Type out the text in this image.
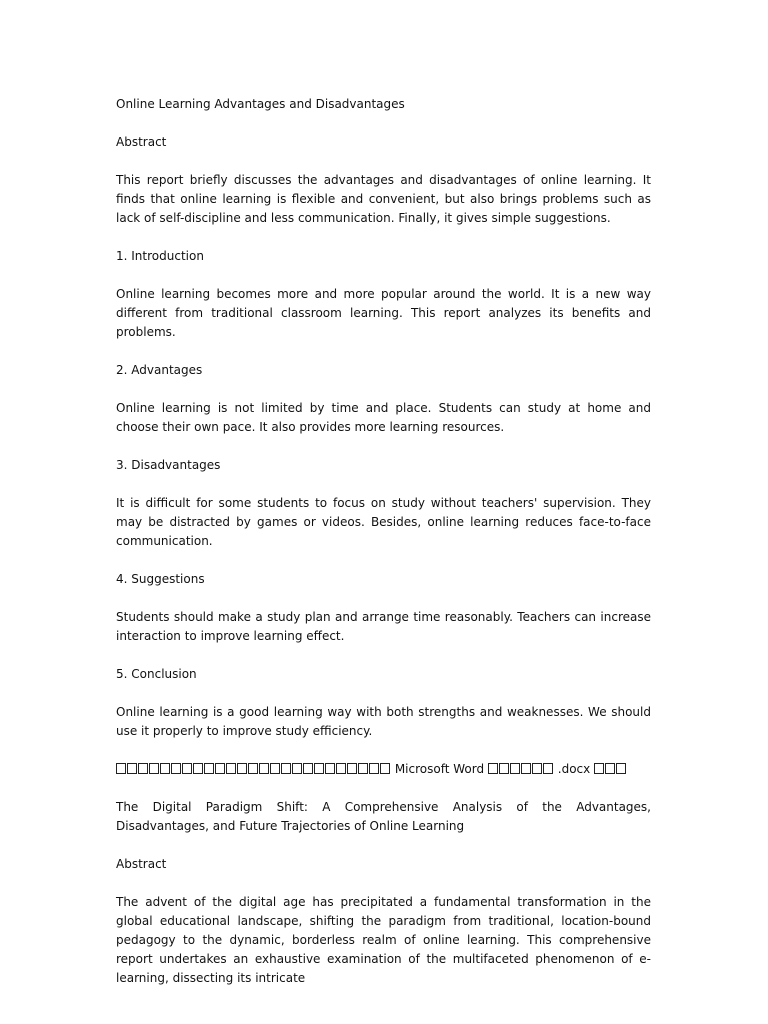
Online Learning Advantages and Disadvantages
Abstract
This report briefly discusses the advantages and disadvantages of online learning. It finds that online learning is flexible and convenient, but also brings problems such as lack of self-discipline and less communication. Finally, it gives simple suggestions.
1. Introduction
Online learning becomes more and more popular around the world. It is a new way different from traditional classroom learning. This report analyzes its benefits and problems.
2. Advantages
Online learning is not limited by time and place. Students can study at home and choose their own pace. It also provides more learning resources.
3. Disadvantages
It is difficult for some students to focus on study without teachers' supervision. They may be distracted by games or videos. Besides, online learning reduces face-to-face communication.
4. Suggestions
Students should make a study plan and arrange time reasonably. Teachers can increase interaction to improve learning effect.
5. Conclusion
Online learning is a good learning way with both strengths and weaknesses. We should use it properly to improve study efficiency.
Microsoft Word	.docx
The Digital Paradigm Shift: A Comprehensive Analysis of the Advantages, Disadvantages, and Future Trajectories of Online Learning
Abstract
The advent of the digital age has precipitated a fundamental transformation in the global educational landscape, shifting the paradigm from traditional, location-bound pedagogy to the dynamic, borderless realm of online learning. This comprehensive report undertakes an exhaustive examination of the multifaceted phenomenon of e-learning, dissecting its intricate
